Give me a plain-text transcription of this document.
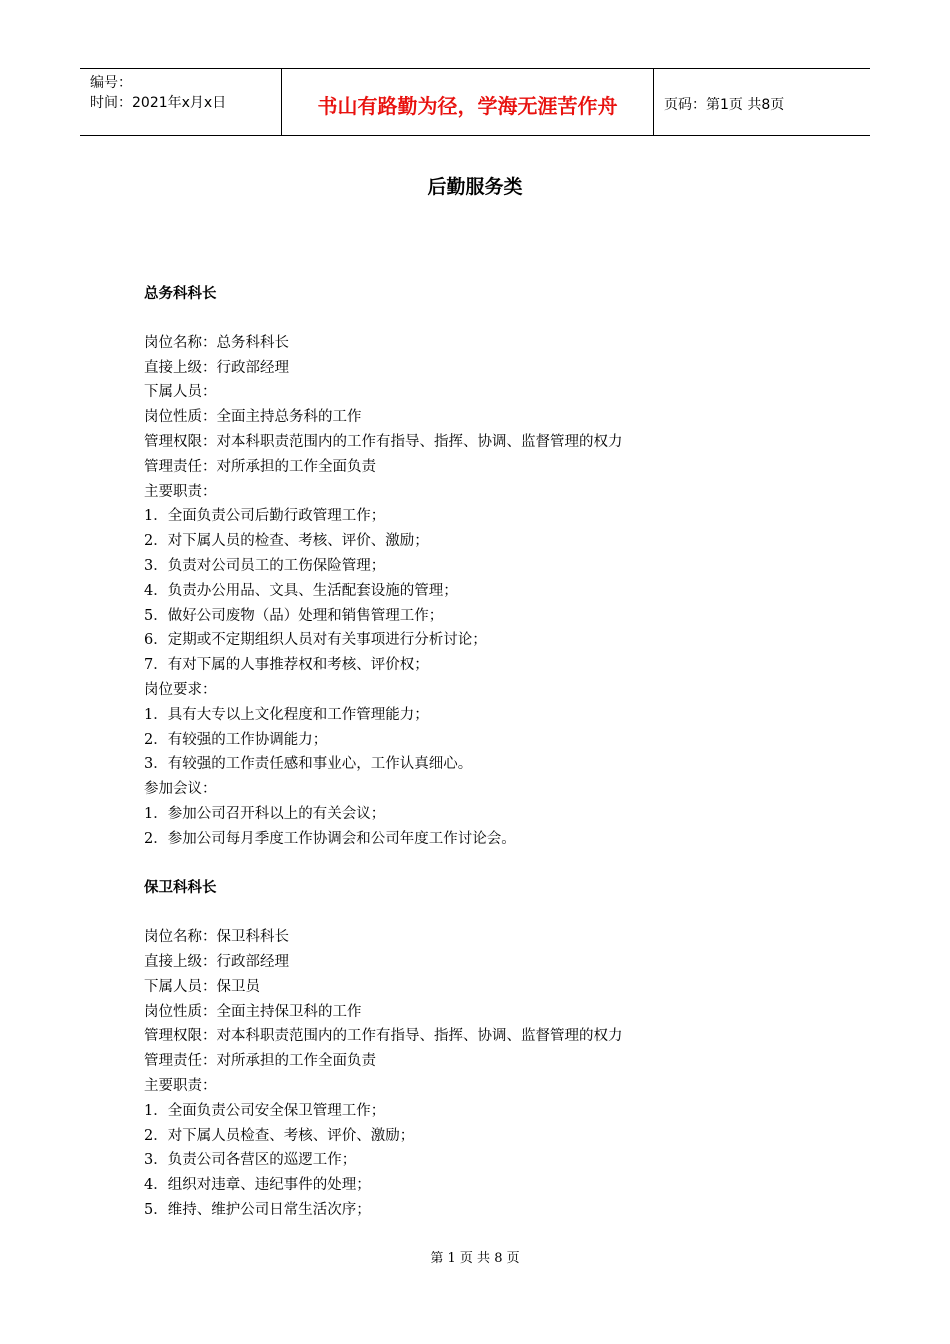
编号：
时间：2021年x月x日	书山有路勤为径，学海无涯苦作舟	页码：第1页 共8页
后勤服务类
总务科科长
岗位名称：总务科科长
直接上级：行政部经理
下属人员：
岗位性质：全面主持总务科的工作
管理权限：对本科职责范围内的工作有指导、指挥、协调、监督管理的权力
管理责任：对所承担的工作全面负责
主要职责：
1．全面负责公司后勤行政管理工作；
2．对下属人员的检查、考核、评价、激励；
3．负责对公司员工的工伤保险管理；
4．负责办公用品、文具、生活配套设施的管理；
5．做好公司废物（品）处理和销售管理工作；
6．定期或不定期组织人员对有关事项进行分析讨论；
7．有对下属的人事推荐权和考核、评价权；
岗位要求：
1．具有大专以上文化程度和工作管理能力；
2．有较强的工作协调能力；
3．有较强的工作责任感和事业心，工作认真细心。
参加会议：
1．参加公司召开科以上的有关会议；
2．参加公司每月季度工作协调会和公司年度工作讨论会。
保卫科科长
岗位名称：保卫科科长
直接上级：行政部经理
下属人员：保卫员
岗位性质：全面主持保卫科的工作
管理权限：对本科职责范围内的工作有指导、指挥、协调、监督管理的权力
管理责任：对所承担的工作全面负责
主要职责：
1．全面负责公司安全保卫管理工作；
2．对下属人员检查、考核、评价、激励；
3．负责公司各营区的巡逻工作；
4．组织对违章、违纪事件的处理；
5．维持、维护公司日常生活次序；
第 1 页 共 8 页
